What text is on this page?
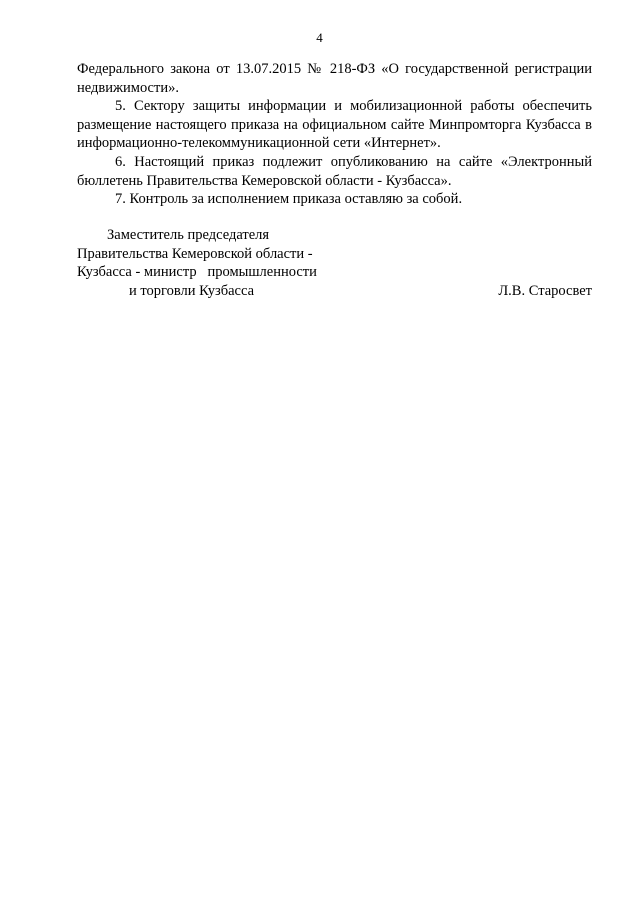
4

Федерального закона от 13.07.2015 № 218-ФЗ «О государственной регистрации недвижимости».

5. Сектору защиты информации и мобилизационной работы обеспечить размещение настоящего приказа на официальном сайте Минпромторга Кузбасса в информационно-телекоммуникационной сети «Интернет».

6. Настоящий приказ подлежит опубликованию на сайте «Электронный бюллетень Правительства Кемеровской области - Кузбасса».

7. Контроль за исполнением приказа оставляю за собой.

Заместитель председателя
Правительства Кемеровской области -
Кузбасса - министр   промышленности
и торговли Кузбасса	Л.В. Старосвет
